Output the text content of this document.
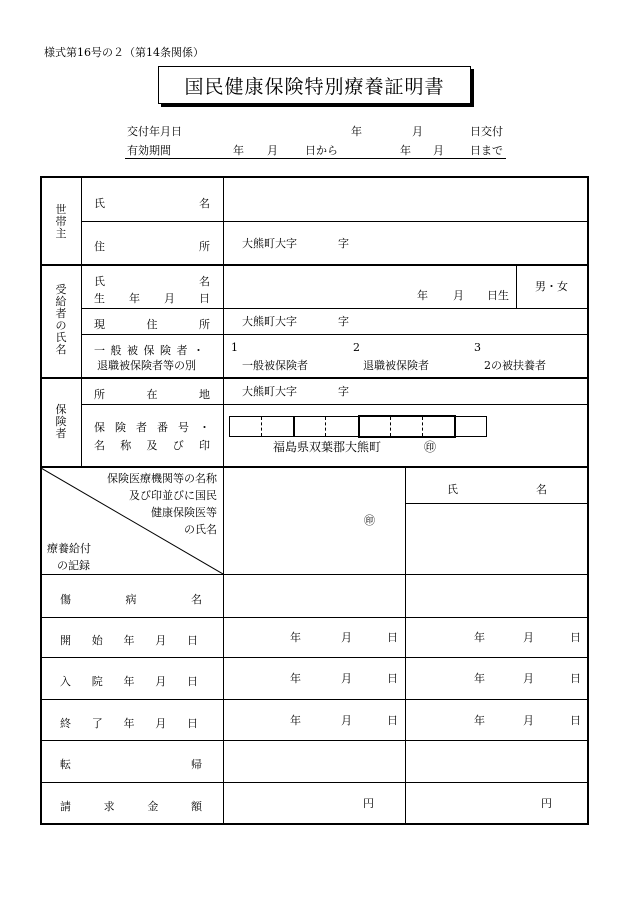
様式第16号の２（第14条関係）
国民健康保険特別療養証明書
交付年月日	年	月	日交付
有効期間	年 月 日から	年 月 日まで
世
帯
主
氏	名
住	所	大熊町大字	字
受
給
者
の
氏
名
氏	名
生 年 月 日	年 月 日生
男・女
現	住	所	大熊町大字	字
一 般 被 保 険 者 ・
退職被保険者等の別
1
一般被保険者
2
退職被保険者
3
2の被扶養者
保
険
者
所	在	地	大熊町大字	字
保 険 者 番 号 ・
名 称 及 び 印	福島県双葉郡大熊町	㊞
保険医療機関等の名称
及び印並びに国民
健康保険医等
の氏名
療養給付
の記録
㊞
氏	名
傷	病	名
開 始 年 月 日	年	月	日	年	月	日
入 院 年 月 日	年	月	日	年	月	日
終 了 年 月 日	年	月	日	年	月	日
転	帰
請	求	金	額	円	円
